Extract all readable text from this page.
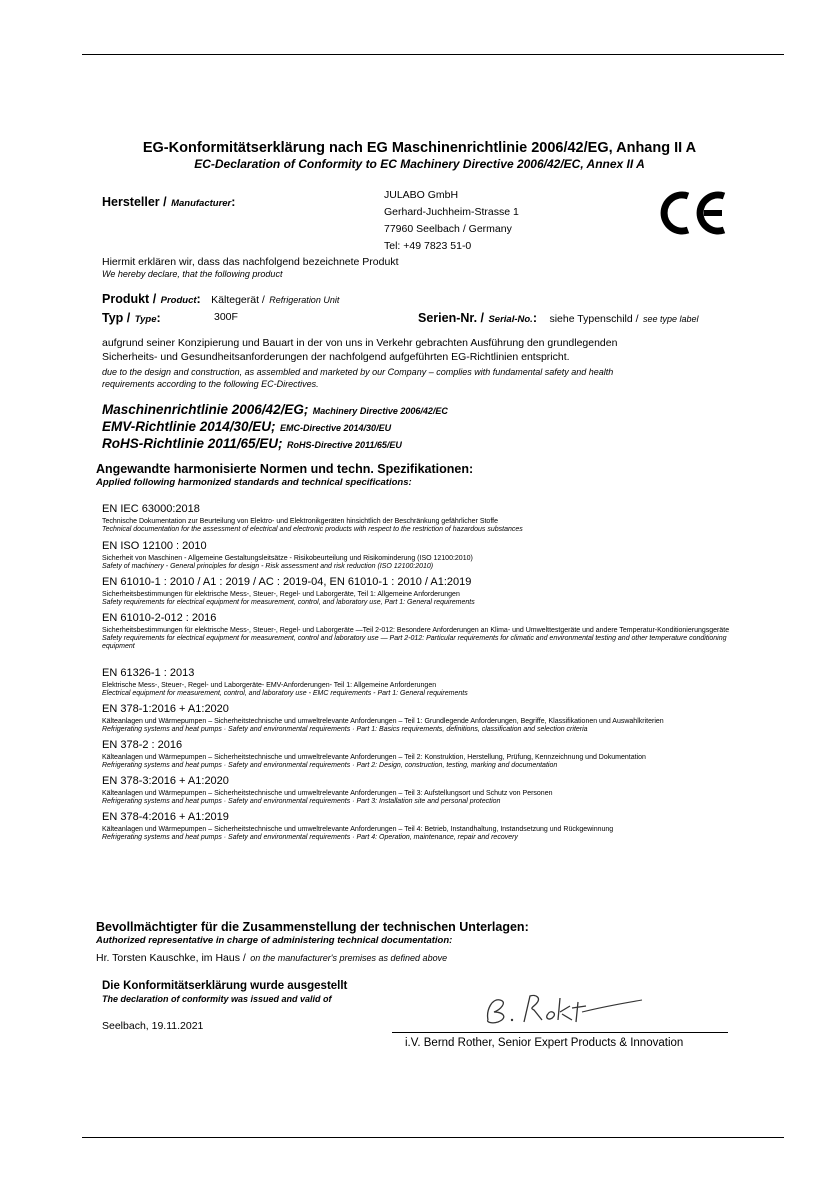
EG-Konformitätserklärung nach EG Maschinenrichtlinie 2006/42/EG, Anhang II A
EC-Declaration of Conformity to EC Machinery Directive 2006/42/EC, Annex II A
Hersteller / Manufacturer:	JULABO GmbH
Gerhard-Juchheim-Strasse 1
77960 Seelbach / Germany
Tel: +49 7823 51-0
Hiermit erklären wir, dass das nachfolgend bezeichnete Produkt
We hereby declare, that the following product
Produkt / Product: Kältegerät / Refrigeration Unit
Typ / Type:	300F	Serien-Nr. / Serial-No.: siehe Typenschild / see type label
aufgrund seiner Konzipierung und Bauart in der von uns in Verkehr gebrachten Ausführung den grundlegenden
Sicherheits- und Gesundheitsanforderungen der nachfolgend aufgeführten EG-Richtlinien entspricht.
due to the design and construction, as assembled and marketed by our Company – complies with fundamental safety and health
requirements according to the following EC-Directives.
Maschinenrichtlinie 2006/42/EG; Machinery Directive 2006/42/EC
EMV-Richtlinie 2014/30/EU; EMC-Directive 2014/30/EU
RoHS-Richtlinie 2011/65/EU; RoHS-Directive 2011/65/EU
Angewandte harmonisierte Normen und techn. Spezifikationen:
Applied following harmonized standards and technical specifications:
EN IEC 63000:2018
Technische Dokumentation zur Beurteilung von Elektro- und Elektronikgeräten hinsichtlich der Beschränkung gefährlicher Stoffe
Technical documentation for the assessment of electrical and electronic products with respect to the restriction of hazardous substances
EN ISO 12100 : 2010
Sicherheit von Maschinen - Allgemeine Gestaltungsleitsätze - Risikobeurteilung und Risikominderung (ISO 12100:2010)
Safety of machinery - General principles for design - Risk assessment and risk reduction (ISO 12100:2010)
EN 61010-1 : 2010 / A1 : 2019 / AC : 2019-04, EN 61010-1 : 2010 / A1:2019
Sicherheitsbestimmungen für elektrische Mess-, Steuer-, Regel- und Laborgeräte, Teil 1: Allgemeine Anforderungen
Safety requirements for electrical equipment for measurement, control, and laboratory use, Part 1: General requirements
EN 61010-2-012 : 2016
Sicherheitsbestimmungen für elektrische Mess-, Steuer-, Regel- und Laborgeräte —Teil 2-012: Besondere Anforderungen an Klima- und Umwelttestgeräte und andere Temperatur-Konditionierungsgeräte
Safety requirements for electrical equipment for measurement, control and laboratory use — Part 2-012: Particular requirements for climatic and environmental testing and other temperature conditioning equipment
EN 61326-1 : 2013
Elektrische Mess-, Steuer-, Regel- und Laborgeräte- EMV-Anforderungen- Teil 1: Allgemeine Anforderungen
Electrical equipment for measurement, control, and laboratory use - EMC requirements - Part 1: General requirements
EN 378-1:2016 + A1:2020
Kälteanlagen und Wärmepumpen – Sicherheitstechnische und umweltrelevante Anforderungen – Teil 1: Grundlegende Anforderungen, Begriffe, Klassifikationen und Auswahlkriterien
Refrigerating systems and heat pumps · Safety and environmental requirements · Part 1: Basics requirements, definitions, classification and selection criteria
EN 378-2 : 2016
Kälteanlagen und Wärmepumpen – Sicherheitstechnische und umweltrelevante Anforderungen – Teil 2: Konstruktion, Herstellung, Prüfung, Kennzeichnung und Dokumentation
Refrigerating systems and heat pumps · Safety and environmental requirements · Part 2: Design, construction, testing, marking and documentation
EN 378-3:2016 + A1:2020
Kälteanlagen und Wärmepumpen – Sicherheitstechnische und umweltrelevante Anforderungen – Teil 3: Aufstellungsort und Schutz von Personen
Refrigerating systems and heat pumps · Safety and environmental requirements · Part 3: Installation site and personal protection
EN 378-4:2016 + A1:2019
Kälteanlagen und Wärmepumpen – Sicherheitstechnische und umweltrelevante Anforderungen – Teil 4: Betrieb, Instandhaltung, Instandsetzung und Rückgewinnung
Refrigerating systems and heat pumps · Safety and environmental requirements · Part 4: Operation, maintenance, repair and recovery
Bevollmächtigter für die Zusammenstellung der technischen Unterlagen:
Authorized representative in charge of administering technical documentation:
Hr. Torsten Kauschke, im Haus / on the manufacturer's premises as defined above
Die Konformitätserklärung wurde ausgestellt
The declaration of conformity was issued and valid of
Seelbach, 19.11.2021
i.V. Bernd Rother, Senior Expert Products & Innovation
